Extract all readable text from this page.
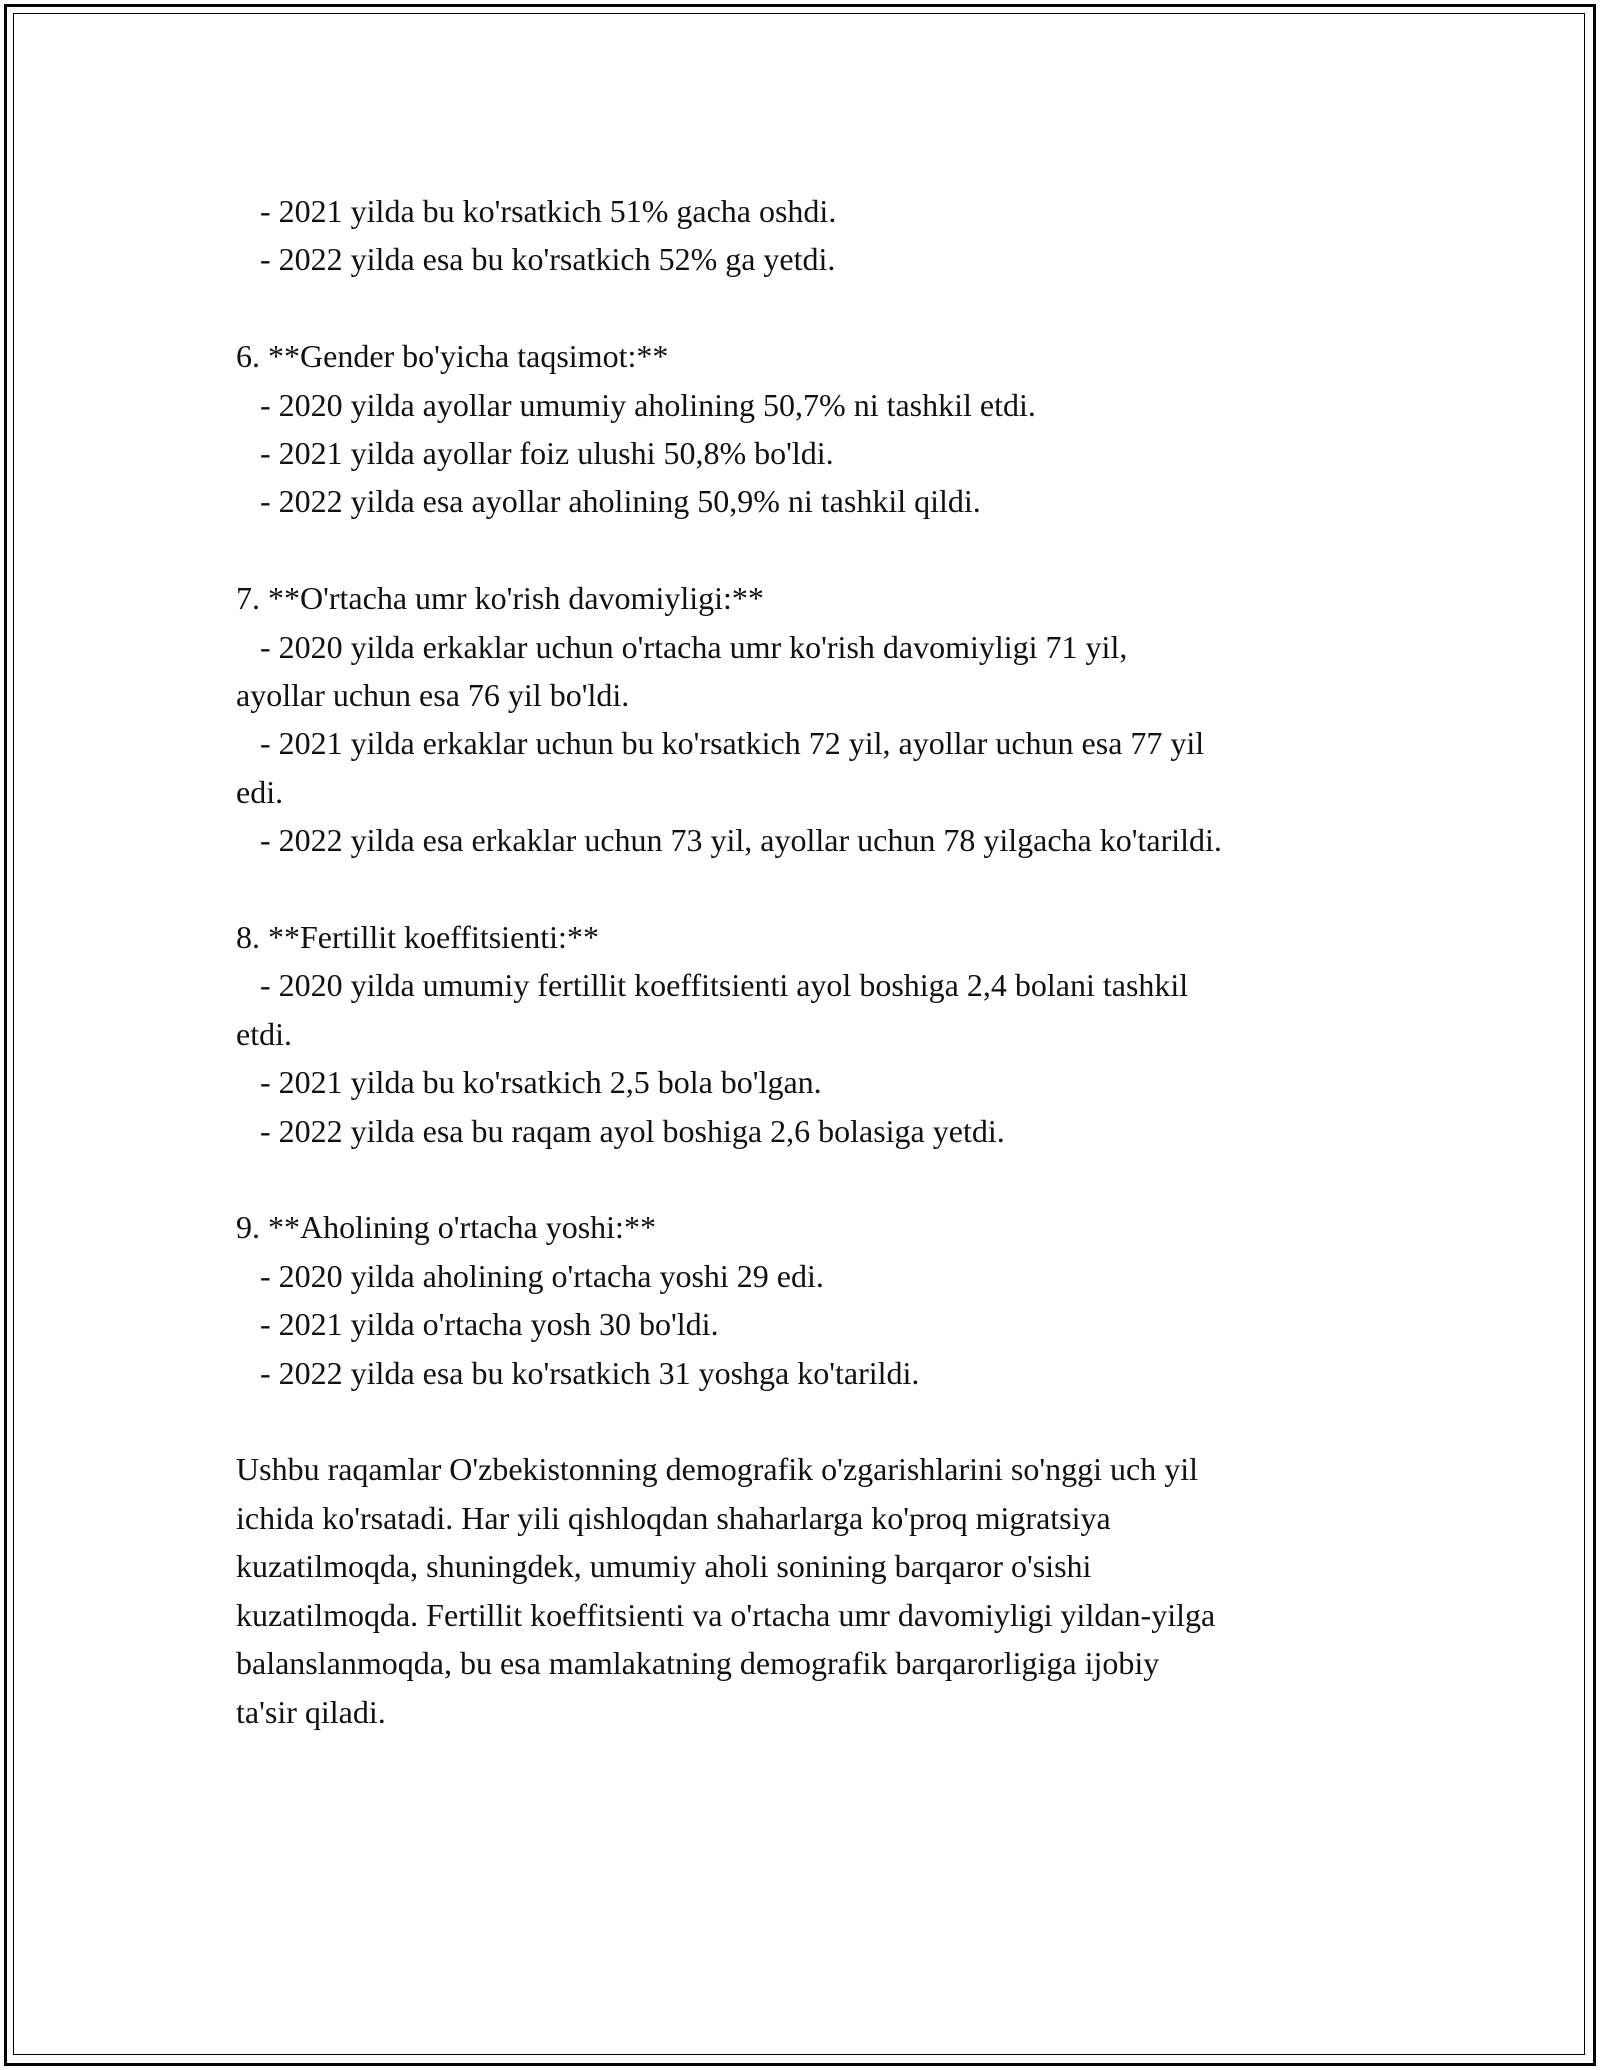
- 2021 yilda bu ko'rsatkich 51% gacha oshdi.
- 2022 yilda esa bu ko'rsatkich 52% ga yetdi.
6. **Gender bo'yicha taqsimot:**
- 2020 yilda ayollar umumiy aholining 50,7% ni tashkil etdi.
- 2021 yilda ayollar foiz ulushi 50,8% bo'ldi.
- 2022 yilda esa ayollar aholining 50,9% ni tashkil qildi.
7. **O'rtacha umr ko'rish davomiyligi:**
- 2020 yilda erkaklar uchun o'rtacha umr ko'rish davomiyligi 71 yil,
ayollar uchun esa 76 yil bo'ldi.
- 2021 yilda erkaklar uchun bu ko'rsatkich 72 yil, ayollar uchun esa 77 yil
edi.
- 2022 yilda esa erkaklar uchun 73 yil, ayollar uchun 78 yilgacha ko'tarildi.
8. **Fertillit koeffitsienti:**
- 2020 yilda umumiy fertillit koeffitsienti ayol boshiga 2,4 bolani tashkil
etdi.
- 2021 yilda bu ko'rsatkich 2,5 bola bo'lgan.
- 2022 yilda esa bu raqam ayol boshiga 2,6 bolasiga yetdi.
9. **Aholining o'rtacha yoshi:**
- 2020 yilda aholining o'rtacha yoshi 29 edi.
- 2021 yilda o'rtacha yosh 30 bo'ldi.
- 2022 yilda esa bu ko'rsatkich 31 yoshga ko'tarildi.
Ushbu raqamlar O'zbekistonning demografik o'zgarishlarini so'nggi uch yil
ichida ko'rsatadi. Har yili qishloqdan shaharlarga ko'proq migratsiya
kuzatilmoqda, shuningdek, umumiy aholi sonining barqaror o'sishi
kuzatilmoqda. Fertillit koeffitsienti va o'rtacha umr davomiyligi yildan-yilga
balanslanmoqda, bu esa mamlakatning demografik barqarorligiga ijobiy
ta'sir qiladi.
